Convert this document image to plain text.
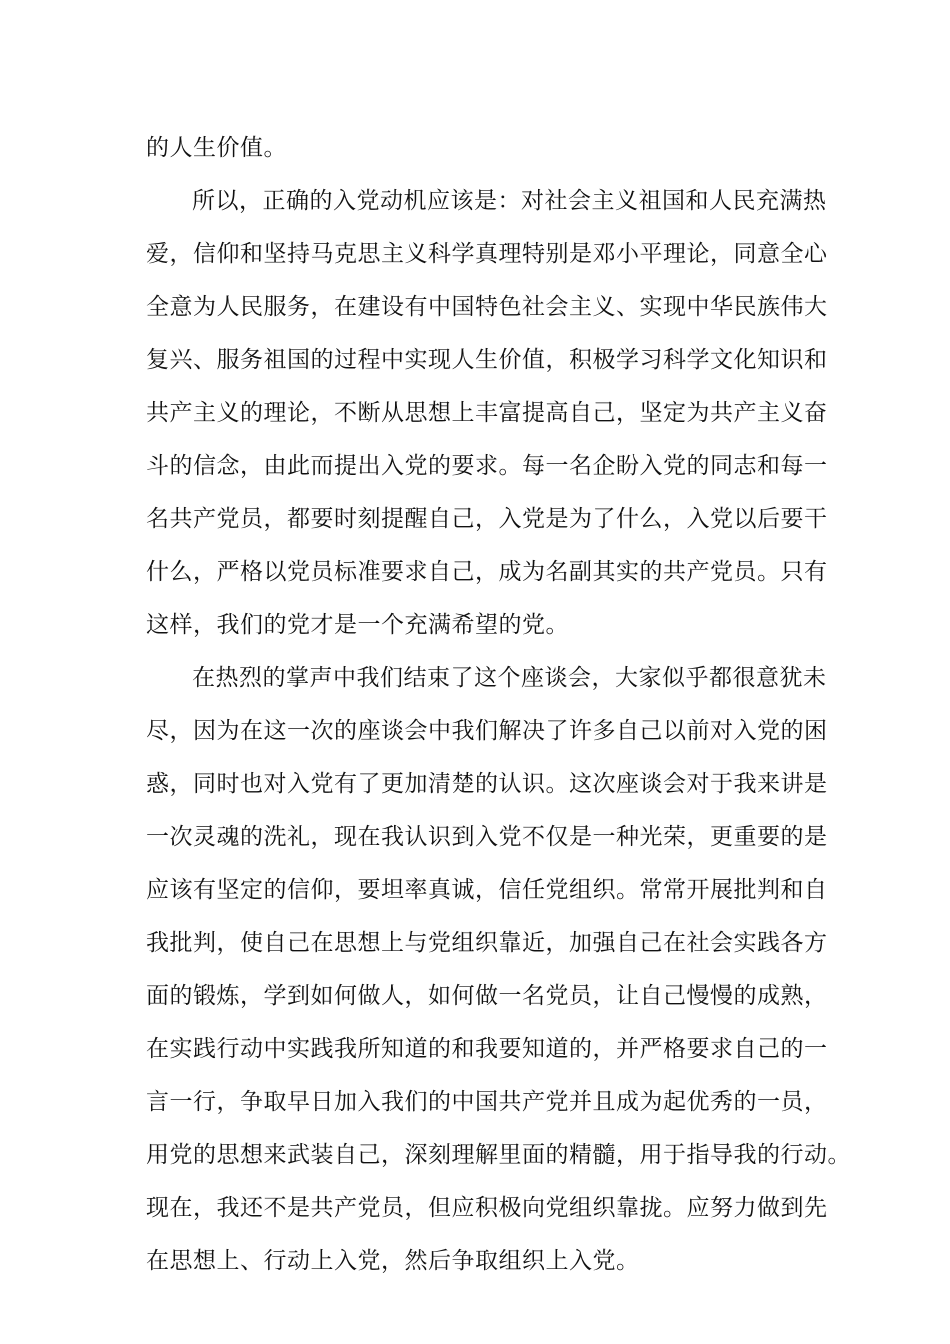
的人生价值。
所以，正确的入党动机应该是：对社会主义祖国和人民充满热
爱，信仰和坚持马克思主义科学真理特别是邓小平理论，同意全心
全意为人民服务，在建设有中国特色社会主义、实现中华民族伟大
复兴、服务祖国的过程中实现人生价值，积极学习科学文化知识和
共产主义的理论，不断从思想上丰富提高自己，坚定为共产主义奋
斗的信念，由此而提出入党的要求。每一名企盼入党的同志和每一
名共产党员，都要时刻提醒自己，入党是为了什么，入党以后要干
什么，严格以党员标准要求自己，成为名副其实的共产党员。只有
这样，我们的党才是一个充满希望的党。
在热烈的掌声中我们结束了这个座谈会，大家似乎都很意犹未
尽，因为在这一次的座谈会中我们解决了许多自己以前对入党的困
惑，同时也对入党有了更加清楚的认识。这次座谈会对于我来讲是
一次灵魂的洗礼，现在我认识到入党不仅是一种光荣，更重要的是
应该有坚定的信仰，要坦率真诚，信任党组织。常常开展批判和自
我批判，使自己在思想上与党组织靠近，加强自己在社会实践各方
面的锻炼，学到如何做人，如何做一名党员，让自己慢慢的成熟，
在实践行动中实践我所知道的和我要知道的，并严格要求自己的一
言一行，争取早日加入我们的中国共产党并且成为起优秀的一员，
用党的思想来武装自己，深刻理解里面的精髓，用于指导我的行动。
现在，我还不是共产党员，但应积极向党组织靠拢。应努力做到先
在思想上、行动上入党，然后争取组织上入党。
